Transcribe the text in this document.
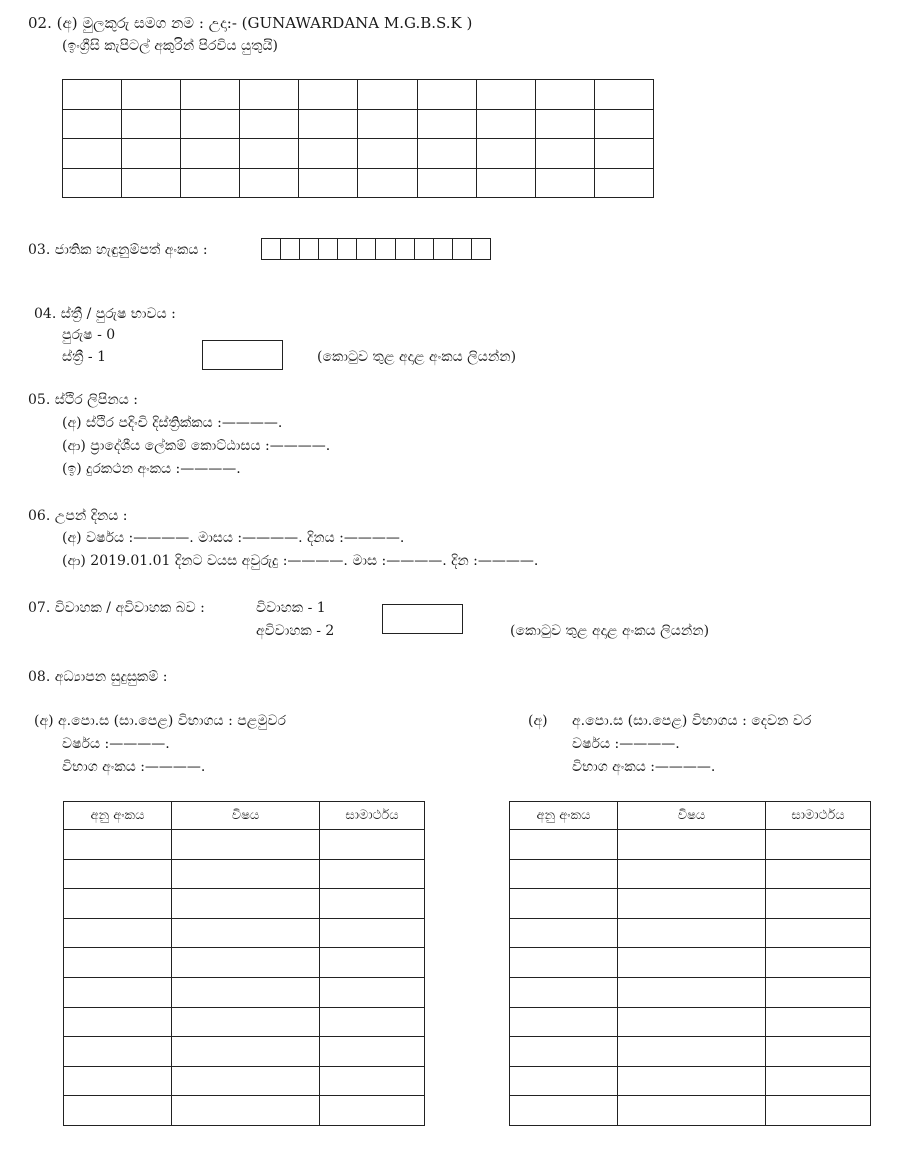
02. (අ) මුලකුරු සමග නම : උදා:- (GUNAWARDANA M.G.B.S.K )
(ඉංග්‍රීසි කැපිටල් අකුරින් පිරවිය යුතුයි)

03. ජාතික හැඳුනුම්පත් අංකය :

04. ස්ත්‍රී / පුරුෂ භාවය :
පුරුෂ - 0
ස්ත්‍රී - 1	(කොටුව තුළ අදාළ අංකය ලියන්න)
05. ස්ථිර ලිපිනය :
(අ) ස්ථිර පදිංචි දිස්ත්‍රික්කය :————.
(ආ) ප්‍රාදේශීය ලේකම් කොට්ඨාසය :————.
(ඉ) දුරකථන අංකය :————.
06. උපන් දිනය :
(අ) වර්ෂය :————. මාසය :————. දිනය :————.
(ආ) 2019.01.01 දිනට වයස අවුරුදු :————. මාස :————. දින :————.
07. විවාහක / අවිවාහක බව :	විවාහක - 1
අවිවාහක - 2	(කොටුව තුළ අදාළ අංකය ලියන්න)
08. අධ්‍යාපන සුදුසුකම් :
(අ) අ.පො.ස (සා.පෙළ) විභාගය : පළමුවර
වර්ෂය :————.
විභාග අංකය :————.
(අ) අ.පො.ස (සා.පෙළ) විභාගය : දෙවන වර
වර්ෂය :————.
විභාග අංකය :————.
අනු අංකය	විෂය	සාමාර්ථය

			අනු අංකය	විෂය	සාමාර්ථය
